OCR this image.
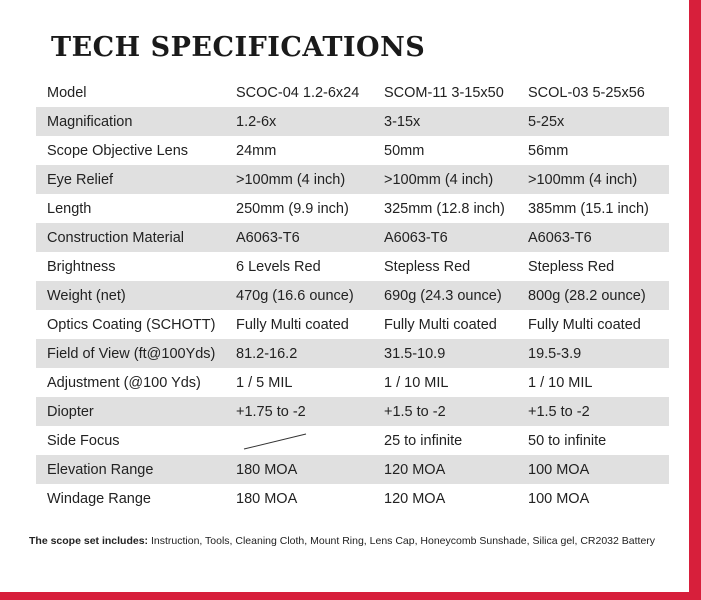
TECH SPECIFICATIONS
Model	SCOC-04 1.2-6x24	SCOM-11 3-15x50	SCOL-03 5-25x56
Magnification	1.2-6x	3-15x	5-25x
Scope Objective Lens	24mm	50mm	56mm
Eye Relief	>100mm (4 inch)	>100mm (4 inch)	>100mm (4 inch)
Length	250mm (9.9 inch)	325mm (12.8 inch)	385mm (15.1 inch)
Construction Material	A6063-T6	A6063-T6	A6063-T6
Brightness	6 Levels Red	Stepless Red	Stepless Red
Weight (net)	470g (16.6 ounce)	690g (24.3 ounce)	800g (28.2 ounce)
Optics Coating (SCHOTT)	Fully Multi coated	Fully Multi coated	Fully Multi coated
Field of View (ft@100Yds)	81.2-16.2	31.5-10.9	19.5-3.9
Adjustment (@100 Yds)	1 / 5 MIL	1 / 10 MIL	1 / 10 MIL
Diopter	+1.75 to -2	+1.5 to -2	+1.5 to -2
Side Focus		25 to infinite	50 to infinite
Elevation Range	180 MOA	120 MOA	100 MOA
Windage Range	180 MOA	120 MOA	100 MOA
The scope set includes: Instruction, Tools, Cleaning Cloth, Mount Ring, Lens Cap, Honeycomb Sunshade, Silica gel, CR2032 Battery
